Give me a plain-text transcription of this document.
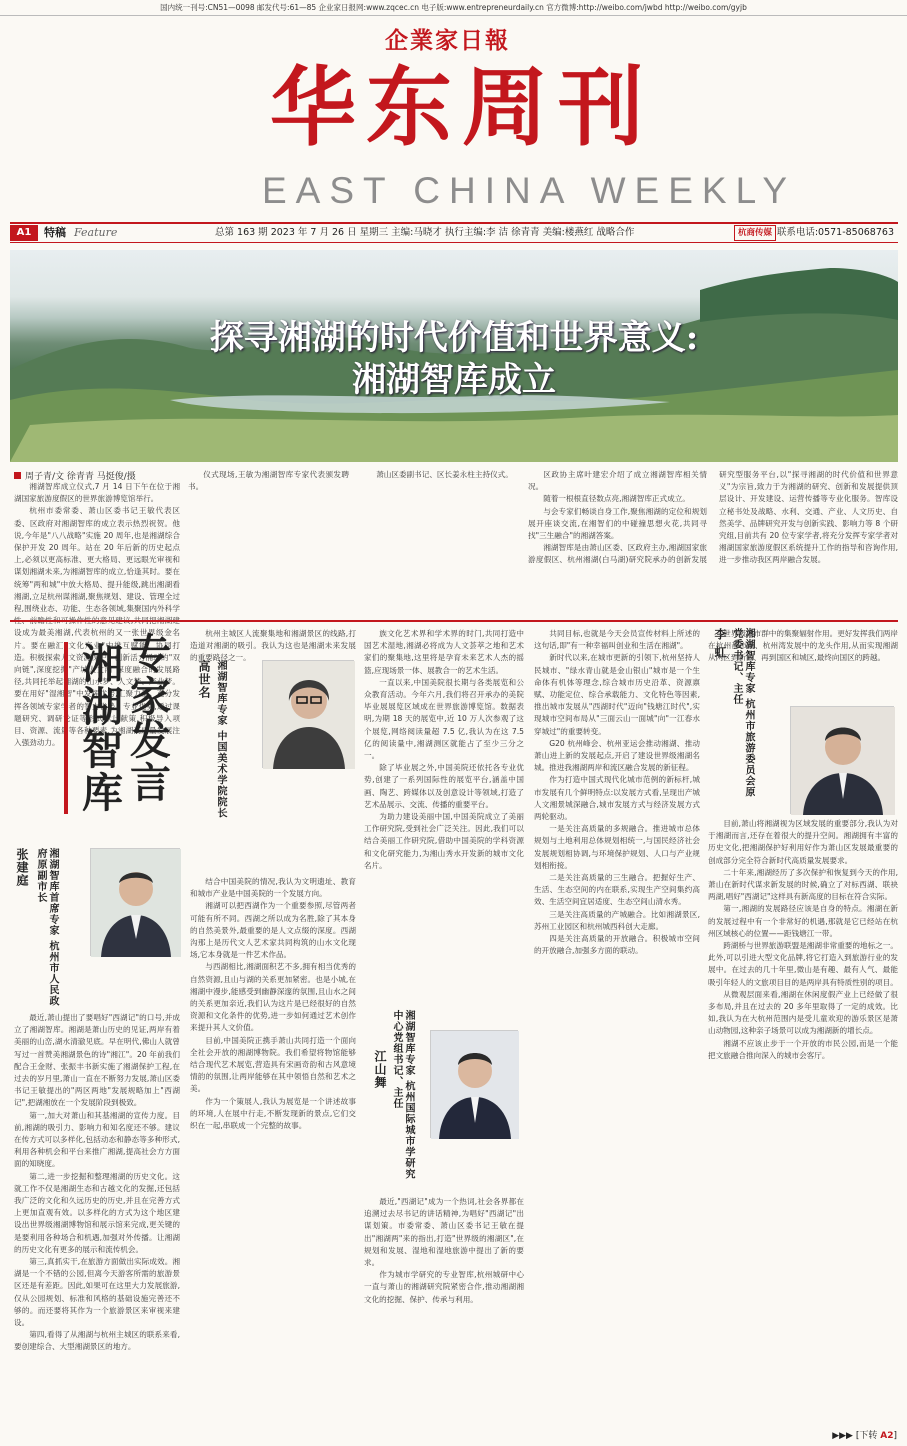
国内统一刊号:CN51—0098 邮发代号:61—85 企业家日报网:www.zqcec.cn 电子版:www.entrepreneurdaily.cn 官方微博:http://weibo.com/jwbd http://weibo.com/gyjb
企業家日報
华东周刊
EAST CHINA WEEKLY
A1	特稿 Feature	总第 163 期 2023 年 7 月 26 日 星期三 主编:马晓才 执行主编:李 洁 徐青青 美编:楼燕红 战略合作	杭商传媒 联系电话:0571-85068763
探寻湘湖的时代价值和世界意义:
湘湖智库成立
周子青/文 徐青青 马挺俊/摄

湘湖智库成立仪式,7 月 14 日下午在位于湘湖国家旅游度假区的世界旅游博览馆举行。

杭州市委常委、萧山区委书记王敏代表区委、区政府对湘湖智库的成立表示热烈祝贺。他说,今年是"八八战略"实施 20 周年,也是湘湖综合保护开发 20 周年。站在 20 年后新的历史起点上,必须以更高标准、更大格局、更远眼光审视和谋划湘湖未来,为湘湖智库的成立,恰逢其时。要在统筹"两和城"中放大格局、提升能级,跳出湘湖看湘湖,立足杭州谋湘湖,聚焦规划、建设、管理全过程,围绕业态、功能、生态各领域,集聚国内外科学 设成为最美湘湖,代表杭州的又一张世界级金名片。要在融汇"文化产业"中推互赋能、协同打造。积极探索人文资源保护、创新活力涌动的"双向链",深度挖掘"产城人文湘"深度融合的发展路径,共同托举起湘湖的山水梦、人文梦、产业梦。要在用好"湿湘智"中发挥优势,汇聚力量。充分发挥各领域专家学者的智力优势、专业优势,通过课题研究、调研论证等形式献计献策,积极导入项目、资源、流量等各种要素,为湘湖高质量发展注入强劲动力。

仪式现场,王敏为湘湖智库专家代表颁发聘书。

萧山区委副书记、区长姜永柱主持仪式。	区政协主席叶建宏介绍了成立湘湖智库相关情况。

随着一根根直径数点亮,湘湖智库正式成立。

与会专家们畅谈自身工作,聚焦湘湖的定位和规划展开座谈交流,在湘智们的中碰撞思想火花,共同寻找"三生融合"的湘湖答案。

湘湖智库是由萧山区委、区政府主办,湘湖国家旅游度假区、杭州湘湖(白马湖)研究院承办的创新发展研究型服务平台,以"探寻湘湖的时代价值和世界意义"为宗旨,致力于为湘湖的研究、创新和发展提供顶层设计、开发建设、运营传播等专业化服务。智库设立秘书处及战略、水利、交通、产业、人文历史、自然美学、品牌研究开发与创新实践、影响力等 8 个研究组,目前共有 20 位专家学者,将充分发挥专家学者对湘湖国家旅游度假区系统提升工作的指导和咨询作用,进一步推动我区两岸融合发展。

专家发言
湘湖智库
张建庭	湘湖智库首席专家 杭州市人民政府原副市长
高世名 湘湖智库专家 中国美术学院院长
江山舞	湘湖智库专家 杭州国际城市学研究中心党组书记、主任
李 虹	湘湖智库专家 杭州市旅游委员会原党委书记、主任

最近,萧山提出了要唱好"西湖记"的口号,并成立了湘湖智库。湘湖是萧山历史的见证,两岸有着美丽的山峦,湖水清澈见底。早在明代,佛山人就曾写过一首赞美湘湖景色的诗"湘江"。20 年前我们配合王金财、张振丰书新实施了湘湖保护工程,在过去的岁月里,萧山一直在不断努力发展,萧山区委书记王敏提出的"两区两地"发展规略加上"西湖记",把湖湘放在一个发展阶段到极致。

第一,加大对萧山和其基湘湖的宣传力度。目前,湘湖的吸引力、影响力和知名度还不够。建议在传方式可以多样化,包括动态和静态等多种形式,利用各种机会和平台来推广湘湖,提高社会方方面面的知晓度。

第二,进一步挖掘和整理湘湖的历史文化。这就工作不仅是湘湖生态和古越文化的发掘,还包括我广泛的文化和久远历史的历史,并且在完善方式上更加直观有效。以多样化的方式为这个地区建设出世界级湘湖博物馆和展示馆来完成,更关键的是要利用各种场合和机遇,加强对外传播。让湘湖的历史文化有更多的展示和流传机会。

第三,真抓实干,在旅游方面做出实际成效。湘湖是一个不错的公园,但离今天游客所需的旅游景区还是有差距。因此,如果可在这里大力发展旅游,仅从公园规划、标准和风格的基础设施完善还不够的。而还要将其作为一个旅游景区来审视来建设。

第四,看得了从湘湖与杭州主城区的联系来看,要创建综合、大型湘湖景区的地方。

杭州主城区人流聚集地和湘湖景区的线路,打造道对湘湖的吸引。我认为这也是湘湖未来发展的重要路径之一。

结合中国美院的情况,我认为文明遗址、教育和城市产业是中国美院的一个发展方向。

湘湖可以把西湖作为一个重要参照,尽管两者可能有所不同。西湖之所以成为名胜,除了其本身的自然美景外,最重要的是人文点缀的深度。西湖沟那上是历代文人艺术家共同构筑的山水文化现场,它本身就是一件艺术作品。

与西湖相比,湘湖面积艺不多,拥有相当优秀的自然资源,且山与湖的关系更加紧密。也是小城,在湘湖中漫步,能感受到幽静深邃的氛围,且山水之间的关系更加亲近,我们认为这片是已经很好的自然资源和文化条件的优势,进一步如何通过艺术创作来提升其人文价值。

目前,中国美院正携手萧山共同打造一个面向全社会开放的湘湖博物院。我们希望将物馆能够结合现代艺术展览,营造具有宋画奇韵和古风意境情韵的氛围,让两岸能够在其中领悟自然和艺术之美。

作为一个策展人,我认为展览是一个讲述故事的环境,人在展中行走,不断发现新的景点,它们交织在一起,串联成一个完整的故事。

族文化艺术界和学术界的时门,共同打造中国艺术湿地,湘湖必将成为人文荟萃之地和艺术家们的聚集地,这里将是孕育未来艺术人杰的摇篮,应现场景一体、展教合一的艺术生活。

一直以来,中国美院很长期与各类展览和公众教育活动。今年六月,我们将召开承办的美院毕业展展览区域成在世界旅游博览馆。数据表明,为期 18 天的展览中,近 10 万人次参观了这个展览,网络阅读量超 7.5 亿,我认为在这 7.5 亿的阅读量中,湘湖测区就能占了至少三分之一。

除了毕业展之外,中国美院还依托各专业优势,创建了一系列国际性的展览平台,涵盖中国画、陶艺、跨媒体以及创意设计等领域,打造了艺术品展示、交流、传播的重要平台。

为助力建设美丽中国,中国美院成立了美丽工作研究院,受到社会广泛关注。因此,我们可以结合美丽工作研究院,借助中国美院的学科资源和文化研究能力,为湘山秀水开发新的城市文化名片。

最近,"西湖记"成为一个热词,社会各界都在追溯过去尽书记的讲话精神,为唱好"西湖记"出谋划策。市委常委、萧山区委书记王敏在提出"湘湖两"来的指出,打造"世界级的湘湖区",在规划和发展、湿地和湿地旅游中提出了新的要求。

作为城市学研究的专业智库,杭州城研中心一直与萧山的湘湖研究院紧密合作,推动湘湖湘文化的挖掘、保护、传承与利用。

共同目标,也就是今天会员宣传材料上所述的这句话,即"有一种幸福叫创业和生活在湘湖"。

新时代以来,在城市更新的引领下,杭州坚持人民城市、"绿水青山就是金山银山"城市是一个生命体有机体等理念,综合城市历史沿革、资源禀赋、功能定位、综合承载能力、文化特色等因素,推出城市发展从"西湖时代"迈向"钱塘江时代",实现城市空间布局从"三面云山一面城"向"一江春水穿城过"的重要转变。

G20 杭州峰会、杭州亚运会推动湘湖、推动萧山进上新的发展起点,开启了建设世界级湘湖名城。推进我湘湖两岸和流区融合发展的新征程。

作为打造中国式现代化城市范例的新标杆,城市发展有几个鲜明特点:以发展方式看,呈现出产城人文湘景城深融合,城市发展方式与经济发展方式两轮驱动。

一是关注高质量的多规融合。推进城市总体规划与土地利用总体规划相统一,与国民经济社会发展规划相协调,与环境保护规划、人口与产业规划相衔接。

二是关注高质量的三生融合。把握好生产、生活、生态空间的内在联系,实现生产空间集约高效、生活空间宜居适度、生态空间山清水秀。

三是关注高质量的产城融合。比如湘湖景区,苏州工业园区和杭州城西科创大走廊。

四是关注高质量的开放融合。积极城市空间的开放融合,加强多方面的联动。

世界级城市群中的集聚辐射作用。更好发挥我们两岸在杭州都市圈、杭州湾发展中的龙头作用,从而实现湘湖从两区到新区、再到国区和城区,最终向国区的跨越。

目前,萧山将湘湖视为区域发展的重要部分,我认为对于湘湖而言,还存在着很大的提升空间。湘湖拥有丰富的历史文化,把湘湖保护好利用好作为萧山区发展最重要的创成部分完全符合新时代高质量发展要求。

二十年来,湘湖经历了多次保护和恢复到今天的作用,萧山在新时代谋求新发展的时候,确立了对标西湖、联袂两湖,唱好"西湖记"这样具有新高度的目标在符合实际。

第一,湘湖的发展路径应该是自身的特点。湘湖在新的发展过程中有一个非常好的机遇,那就是它已经站在杭州区域核心的位置——距钱塘江一带。

跨湖桥与世界旅游联盟是湘湖非常重要的地标之一。此外,可以引进大型文化品牌,将它打造入到旅游行业的发展中。在过去的几十年里,微山是有趣、最有人气、最能吸引年轻人的文旅项目目的是两岸具有特质性别的项目。

从微观层面来看,湘湖在休闲度假产业上已经做了很多布局,并且在过去的 20 多年里取得了一定的成效。比如,我认为在大杭州范围内是受儿童欢迎的游乐景区是萧山动物园,这种亲子场景可以成为湘湖新的增长点。

湘湖不应该止步于一个开放的市民公园,而是一个能把文旅融合推向深入的城市会客厅。

▶▶▶ [下转 A2]
